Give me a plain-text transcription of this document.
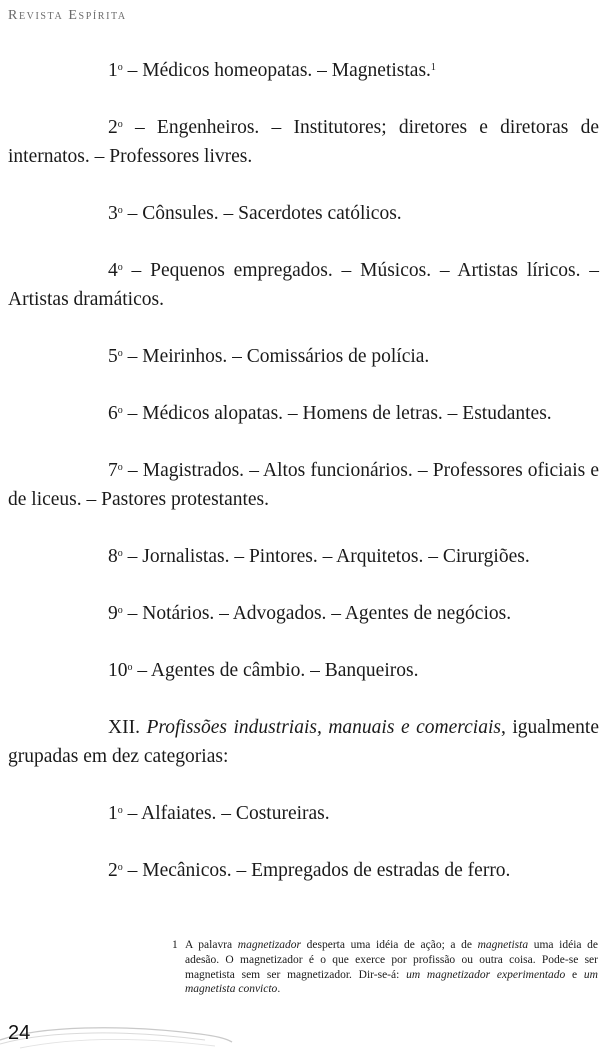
Revista Espírita

1$^o$ – Médicos homeopatas. – Magnetistas.$^1$

2$^o$ – Engenheiros. – Institutores; diretores e diretoras de internatos. – Professores livres.

3$^o$ – Cônsules. – Sacerdotes católicos.

4$^o$ – Pequenos empregados. – Músicos. – Artistas líricos. – Artistas dramáticos.

5$^o$ – Meirinhos. – Comissários de polícia.

6$^o$ – Médicos alopatas. – Homens de letras. – Estudantes.

7$^o$ – Magistrados. – Altos funcionários. – Professores oficiais e de liceus. – Pastores protestantes.

8$^o$ – Jornalistas. – Pintores. – Arquitetos. – Cirurgiões.

9$^o$ – Notários. – Advogados. – Agentes de negócios.

10$^o$ – Agentes de câmbio. – Banqueiros.

XII. Profissões industriais, manuais e comerciais, igualmente grupadas em dez categorias:

1$^o$ – Alfaiates. – Costureiras.

2$^o$ – Mecânicos. – Empregados de estradas de ferro.

1 A palavra magnetizador desperta uma idéia de ação; a de magnetista uma idéia de adesão. O magnetizador é o que exerce por profissão ou outra coisa. Pode-se ser magnetista sem ser magnetizador. Dir-se-á: um magnetizador experimentado e um magnetista convicto.
24
